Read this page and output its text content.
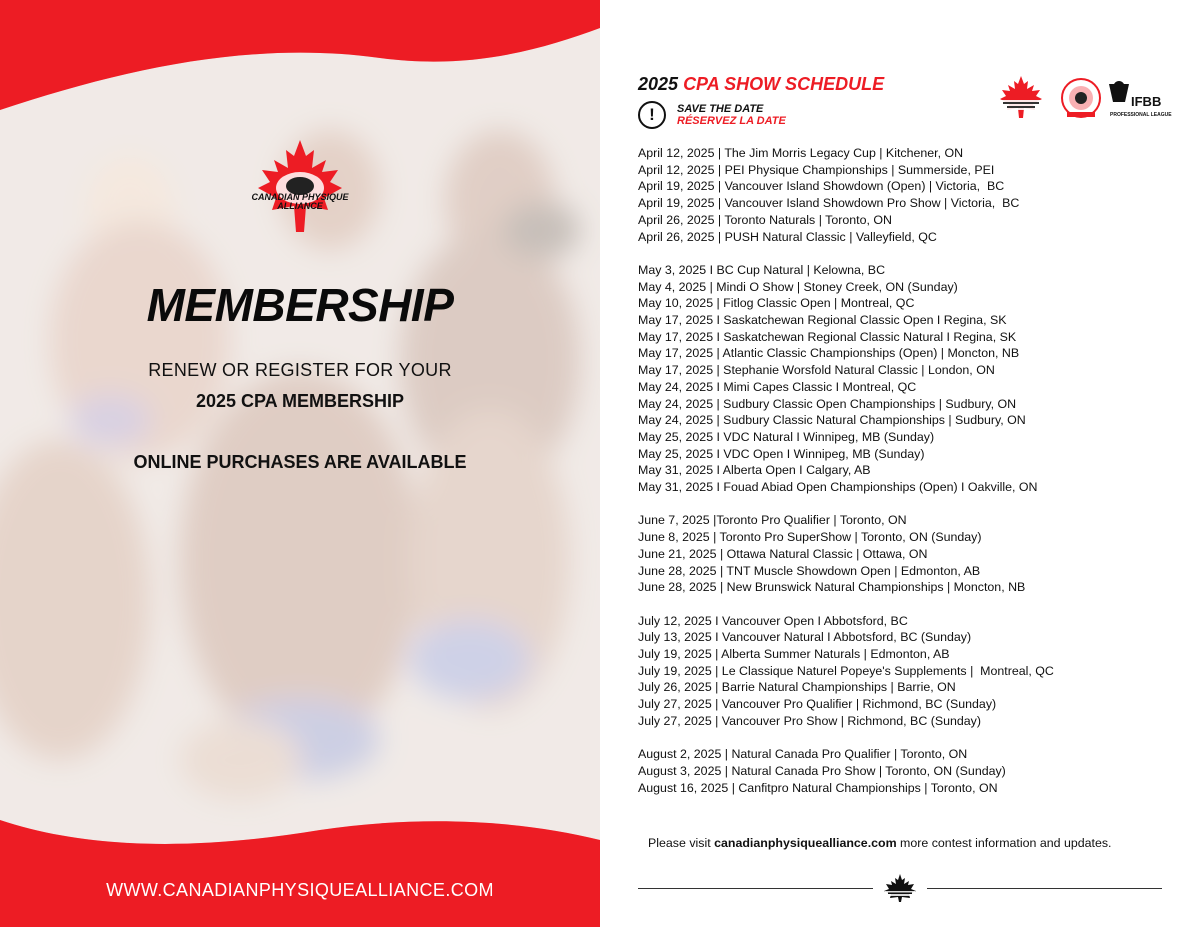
CANADIAN PHYSIQUE
ALLIANCE
MEMBERSHIP
RENEW OR REGISTER FOR YOUR
2025 CPA MEMBERSHIP
ONLINE PURCHASES ARE AVAILABLE
WWW.CANADIANPHYSIQUEALLIANCE.COM
2025 CPA SHOW SCHEDULE
!	SAVE THE DATE
RÉSERVEZ LA DATE
IFBB
PROFESSIONAL LEAGUE
April 12, 2025 | The Jim Morris Legacy Cup | Kitchener, ON
April 12, 2025 | PEI Physique Championships | Summerside, PEI
April 19, 2025 | Vancouver Island Showdown (Open) | Victoria,  BC
April 19, 2025 | Vancouver Island Showdown Pro Show | Victoria,  BC
April 26, 2025 | Toronto Naturals | Toronto, ON
April 26, 2025 | PUSH Natural Classic | Valleyfield, QC
May 3, 2025 I BC Cup Natural | Kelowna, BC
May 4, 2025 | Mindi O Show | Stoney Creek, ON (Sunday)
May 10, 2025 | Fitlog Classic Open | Montreal, QC
May 17, 2025 I Saskatchewan Regional Classic Open I Regina, SK
May 17, 2025 I Saskatchewan Regional Classic Natural I Regina, SK
May 17, 2025 | Atlantic Classic Championships (Open) | Moncton, NB
May 17, 2025 | Stephanie Worsfold Natural Classic | London, ON
May 24, 2025 I Mimi Capes Classic I Montreal, QC
May 24, 2025 | Sudbury Classic Open Championships | Sudbury, ON
May 24, 2025 | Sudbury Classic Natural Championships | Sudbury, ON
May 25, 2025 I VDC Natural I Winnipeg, MB (Sunday)
May 25, 2025 I VDC Open I Winnipeg, MB (Sunday)
May 31, 2025 I Alberta Open I Calgary, AB
May 31, 2025 I Fouad Abiad Open Championships (Open) I Oakville, ON
June 7, 2025 |Toronto Pro Qualifier | Toronto, ON
June 8, 2025 | Toronto Pro SuperShow | Toronto, ON (Sunday)
June 21, 2025 | Ottawa Natural Classic | Ottawa, ON
June 28, 2025 | TNT Muscle Showdown Open | Edmonton, AB
June 28, 2025 | New Brunswick Natural Championships | Moncton, NB
July 12, 2025 I Vancouver Open I Abbotsford, BC
July 13, 2025 I Vancouver Natural I Abbotsford, BC (Sunday)
July 19, 2025 | Alberta Summer Naturals | Edmonton, AB
July 19, 2025 | Le Classique Naturel Popeye's Supplements |  Montreal, QC
July 26, 2025 | Barrie Natural Championships | Barrie, ON
July 27, 2025 | Vancouver Pro Qualifier | Richmond, BC (Sunday)
July 27, 2025 | Vancouver Pro Show | Richmond, BC (Sunday)
August 2, 2025 | Natural Canada Pro Qualifier | Toronto, ON
August 3, 2025 | Natural Canada Pro Show | Toronto, ON (Sunday)
August 16, 2025 | Canfitpro Natural Championships | Toronto, ON
Please visit canadianphysiquealliance.com more contest information and updates.
